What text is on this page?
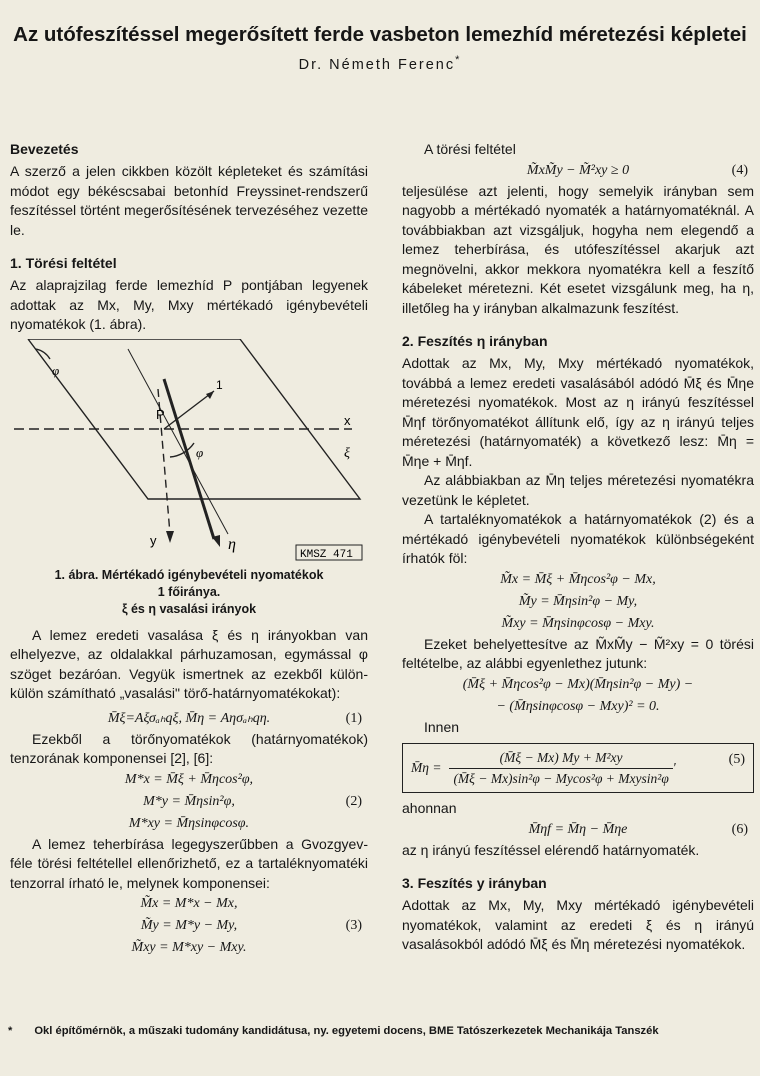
Az utófeszítéssel megerősített ferde vasbeton lemezhíd méretezési képletei
Dr. Németh Ferenc*
Bevezetés

A szerző a jelen cikkben közölt képleteket és számítási módot egy békéscsabai betonhíd Freyssinet-rendszerű feszítéssel történt megerősítésének tervezéséhez vezette le.

1. Törési feltétel

Az alaprajzilag ferde lemezhíd P pontjában legyenek adottak az Mx, My, Mxy mértékadó igénybevételi nyomatékok (1. ábra).

φ
P
1
x
ξ
φ
y	η
KMSZ 471
1. ábra. Mértékadó igénybevételi nyomatékok
1 főiránya.
ξ és η vasalási irányok

A lemez eredeti vasalása ξ és η irányokban van elhelyezve, az oldalakkal párhuzamosan, egymással φ szöget bezáróan. Vegyük ismertnek az ezekből külön-külön számítható „vasalási" törő-határnyomatékokat):

M̄ξ=Aξσₐₕqξ, M̄η = Aησₐₕqη.	(1)

Ezekből a törőnyomatékok (határnyomatékok) tenzorának komponensei [2], [6]:

M*x = M̄ξ + M̄ηcos²φ,
M*y = M̄ηsin²φ,
M*xy = M̄ηsinφcosφ.
(2)

A lemez teherbírása legegyszerűbben a Gvozgyev-féle törési feltétellel ellenőrizhető, ez a tartaléknyomatéki tenzorral írható le, melynek komponensei:

M̃x = M*x − Mx,
M̃y = M*y − My,
M̃xy = M*xy − Mxy.
(3)

A törési feltétel

M̃xM̃y − M̃²xy ≥ 0	(4)

teljesülése azt jelenti, hogy semelyik irányban sem nagyobb a mértékadó nyomaték a határnyomatéknál. A továbbiakban azt vizsgáljuk, hogyha nem elegendő a lemez teherbírása, és utófeszítéssel akarjuk azt megnövelni, akkor mekkora nyomatékra kell a feszítő kábeleket méretezni. Két esetet vizsgálunk meg, ha η, illetőleg ha y irányban alkalmazunk feszítést.

2. Feszítés η irányban

Adottak az Mx, My, Mxy mértékadó nyomatékok, továbbá a lemez eredeti vasalásából adódó M̄ξ és M̄ηe méretezési nyomatékok. Most az η irányú feszítéssel M̄ηf törőnyomatékot állítunk elő, így az η irányú teljes méretezési (határnyomaték) a következő lesz: M̄η = M̄ηe + M̄ηf.

Az alábbiakban az M̄η teljes méretezési nyomatékra vezetünk le képletet.

A tartaléknyomatékok a határnyomatékok (2) és a mértékadó igénybevételi nyomatékok különbségeként írhatók föl:

M̃x = M̄ξ + M̄ηcos²φ − Mx,
M̃y = M̄ηsin²φ − My,
M̃xy = M̄ηsinφcosφ − Mxy.

Ezeket behelyettesítve az M̃xM̃y − M̃²xy = 0 törési feltételbe, az alábbi egyenlethez jutunk:

(M̄ξ + M̄ηcos²φ − Mx)(M̄ηsin²φ − My) −
− (M̄ηsinφcosφ − Mxy)² = 0.

Innen

M̄η =
(M̄ξ − Mx) My + M²xy
(M̄ξ − Mx)sin²φ − Mycos²φ + Mxysin²φ
'
(5)

ahonnan

M̄ηf = M̄η − M̄ηe	(6)

az η irányú feszítéssel elérendő határnyomaték.

3. Feszítés y irányban

Adottak az Mx, My, Mxy mértékadó igénybevételi nyomatékok, valamint az eredeti ξ és η irányú vasalásokból adódó M̄ξ és M̄η méretezési nyomatékok.

* Okl építőmérnök, a műszaki tudomány kandidátusa, ny. egyetemi docens, BME Tatószerkezetek Mechanikája Tanszék
